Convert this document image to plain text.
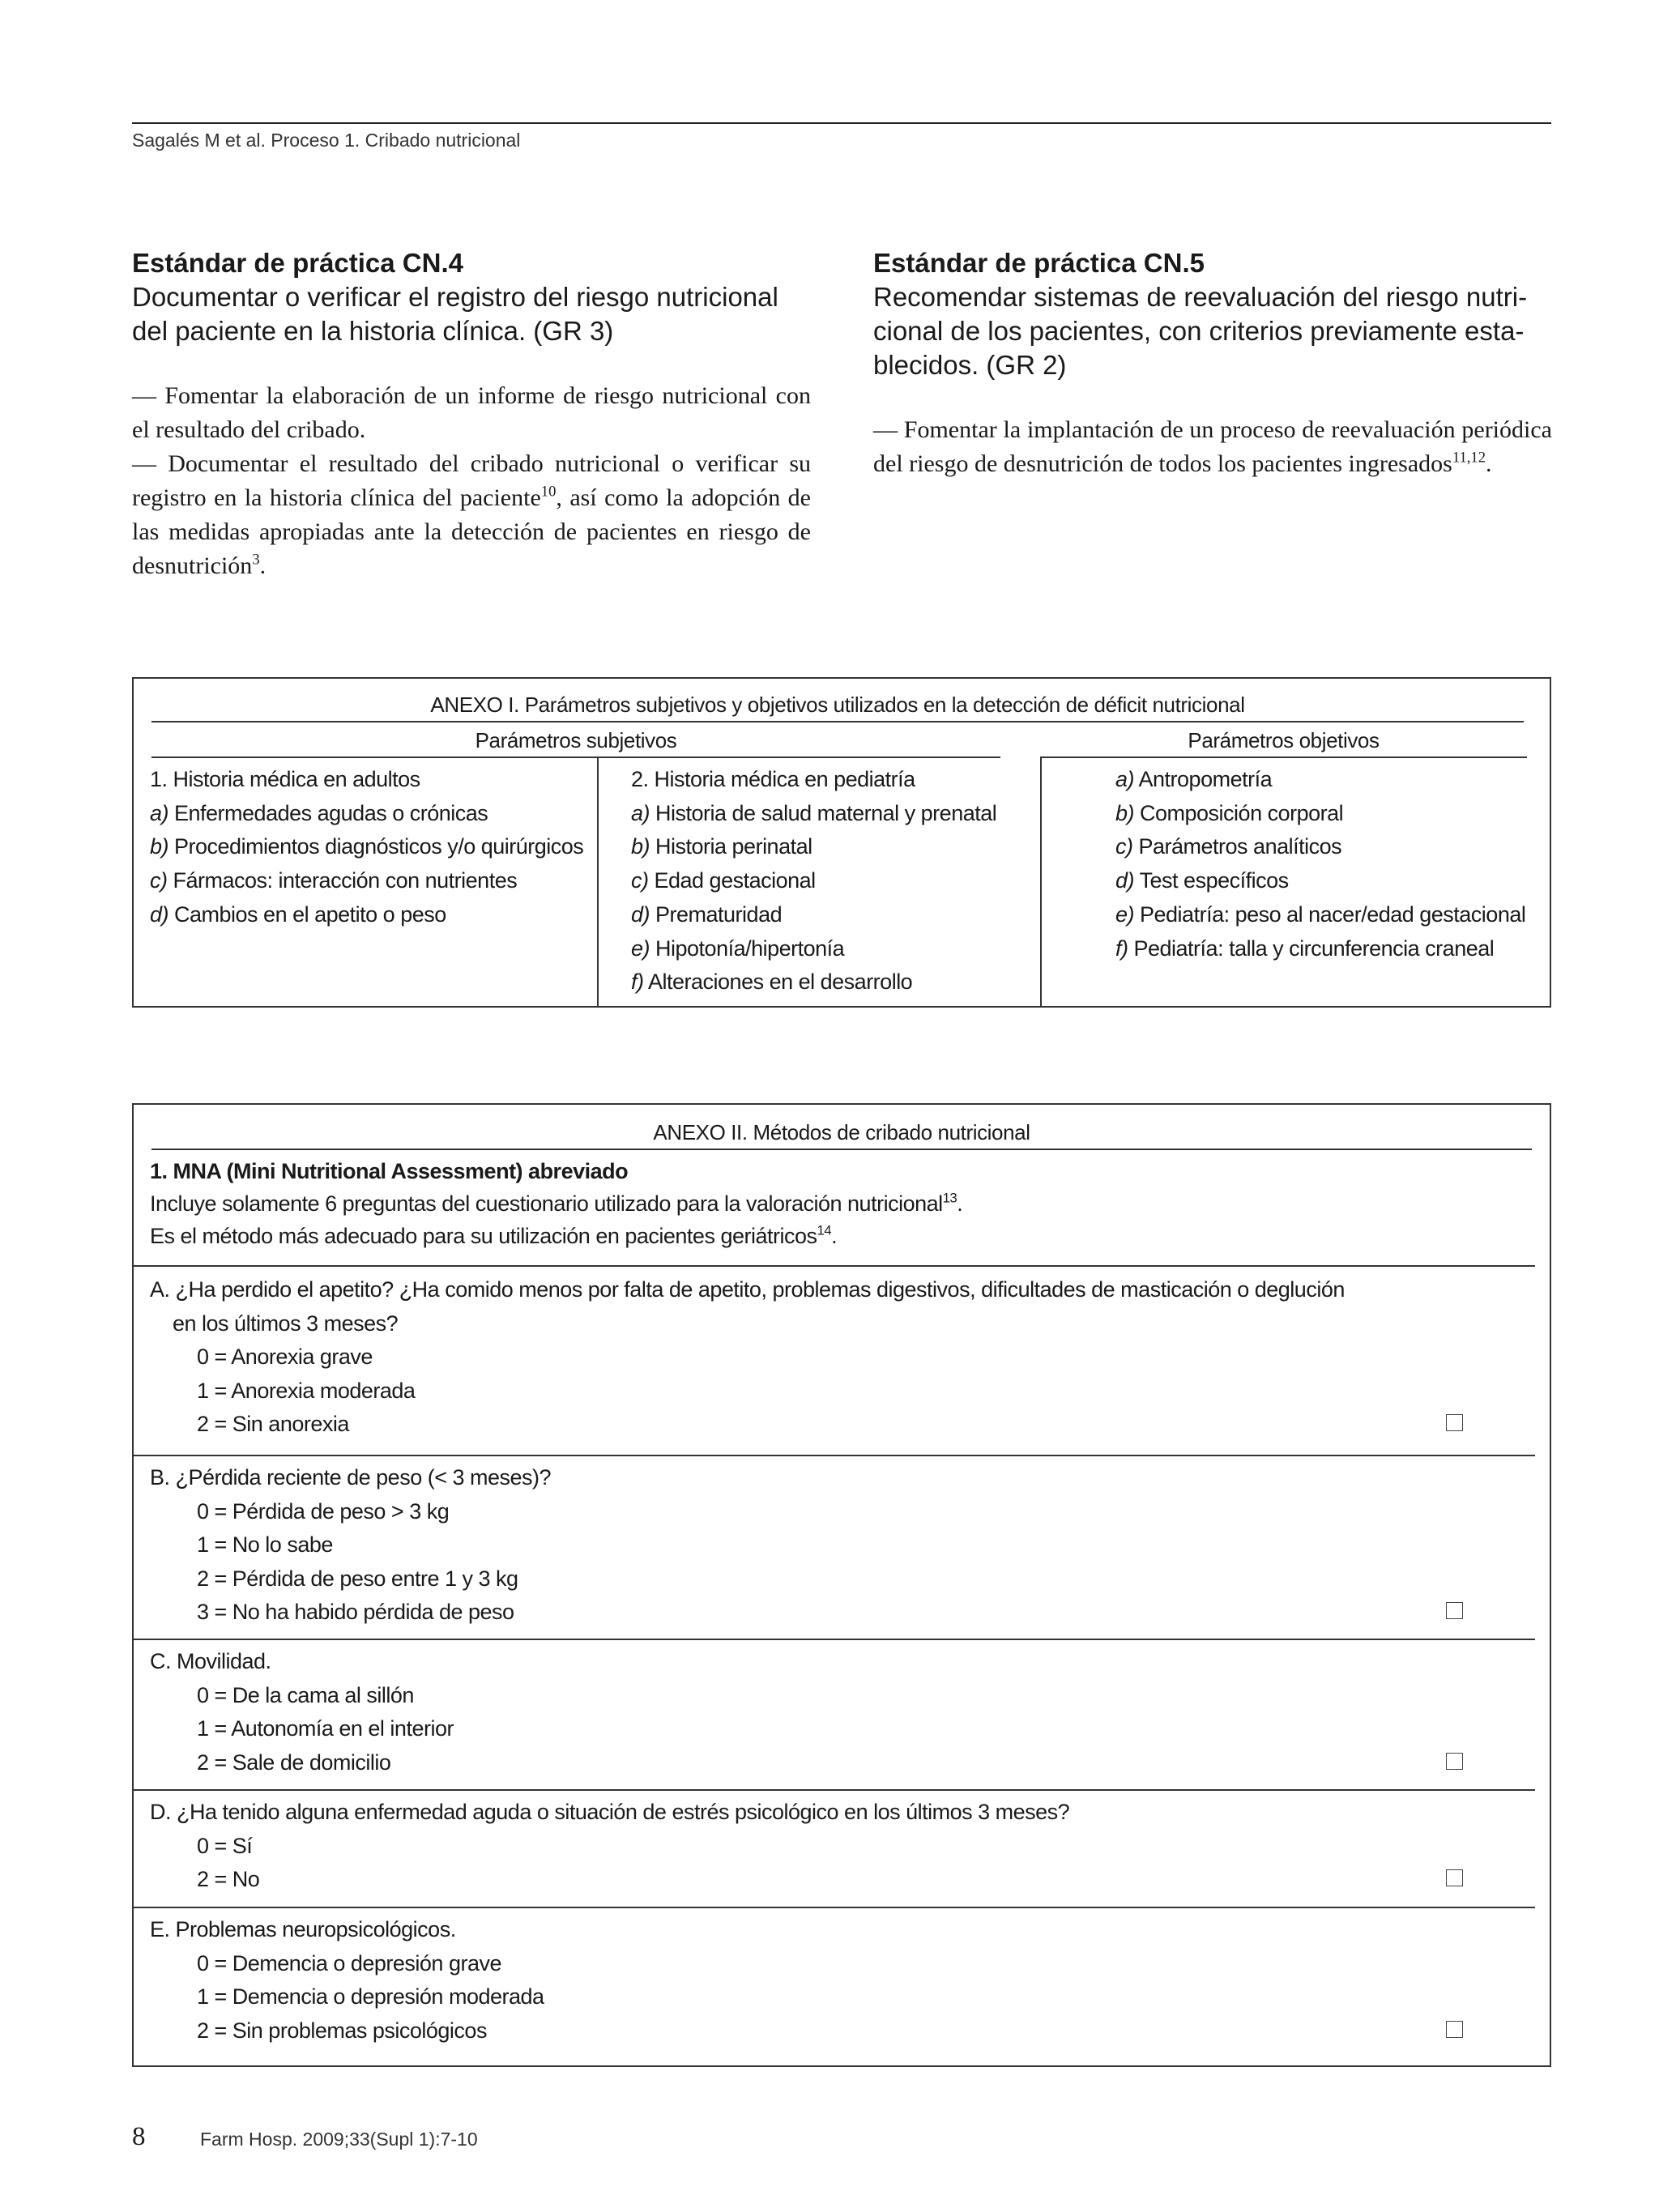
Sagalés M et al. Proceso 1. Cribado nutricional
Estándar de práctica CN.4
Documentar o verificar el registro del riesgo nutricional
del paciente en la historia clínica. (GR 3)

— Fomentar la elaboración de un informe de riesgo nutricional con el resultado del cribado.

— Documentar el resultado del cribado nutricional o verificar su registro en la historia clínica del paciente$^{10}$, así como la adopción de las medidas apropiadas ante la detección de pacientes en riesgo de desnutrición$^3$.

Estándar de práctica CN.5
Recomendar sistemas de reevaluación del riesgo nutri-
cional de los pacientes, con criterios previamente esta-
blecidos. (GR 2)

— Fomentar la implantación de un proceso de reevaluación periódica del riesgo de desnutrición de todos los pacientes ingresados$^{11,12}$.

ANEXO I. Parámetros subjetivos y objetivos utilizados en la detección de déficit nutricional
Parámetros subjetivos	Parámetros objetivos
1. Historia médica en adultos
a) Enfermedades agudas o crónicas
b) Procedimientos diagnósticos y/o quirúrgicos
c) Fármacos: interacción con nutrientes
d) Cambios en el apetito o peso
2. Historia médica en pediatría
a) Historia de salud maternal y prenatal
b) Historia perinatal
c) Edad gestacional
d) Prematuridad
e) Hipotonía/hipertonía
f) Alteraciones en el desarrollo
a) Antropometría
b) Composición corporal
c) Parámetros analíticos
d) Test específicos
e) Pediatría: peso al nacer/edad gestacional
f) Pediatría: talla y circunferencia craneal
ANEXO II. Métodos de cribado nutricional
1. MNA (Mini Nutritional Assessment) abreviado
Incluye solamente 6 preguntas del cuestionario utilizado para la valoración nutricional$^{13}$.
Es el método más adecuado para su utilización en pacientes geriátricos$^{14}$.
A. ¿Ha perdido el apetito? ¿Ha comido menos por falta de apetito, problemas digestivos, dificultades de masticación o deglución
en los últimos 3 meses?
0 = Anorexia grave
1 = Anorexia moderada
2 = Sin anorexia
B. ¿Pérdida reciente de peso (< 3 meses)?
0 = Pérdida de peso > 3 kg
1 = No lo sabe
2 = Pérdida de peso entre 1 y 3 kg
3 = No ha habido pérdida de peso
C. Movilidad.
0 = De la cama al sillón
1 = Autonomía en el interior
2 = Sale de domicilio
D. ¿Ha tenido alguna enfermedad aguda o situación de estrés psicológico en los últimos 3 meses?
0 = Sí
2 = No
E. Problemas neuropsicológicos.
0 = Demencia o depresión grave
1 = Demencia o depresión moderada
2 = Sin problemas psicológicos
8	Farm Hosp. 2009;33(Supl 1):7-10
